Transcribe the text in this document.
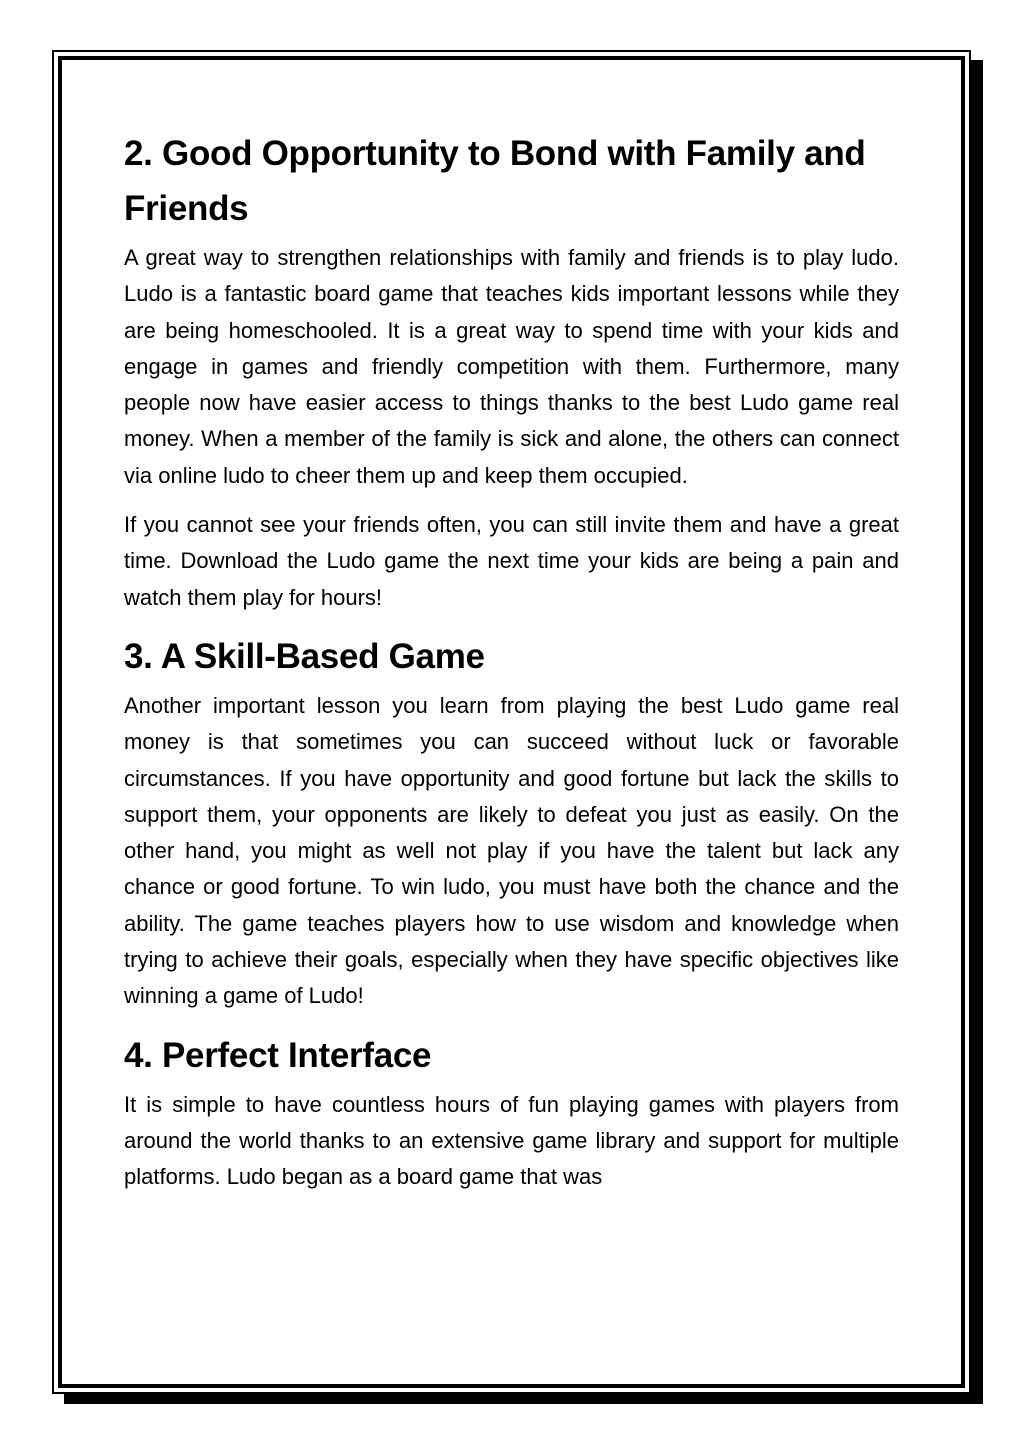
2. Good Opportunity to Bond with Family and Friends

A great way to strengthen relationships with family and friends is to play ludo. Ludo is a fantastic board game that teaches kids important lessons while they are being homeschooled. It is a great way to spend time with your kids and engage in games and friendly competition with them. Furthermore, many people now have easier access to things thanks to the best Ludo game real money. When a member of the family is sick and alone, the others can connect via online ludo to cheer them up and keep them occupied.

If you cannot see your friends often, you can still invite them and have a great time. Download the Ludo game the next time your kids are being a pain and watch them play for hours!

3. A Skill-Based Game

Another important lesson you learn from playing the best Ludo game real money is that sometimes you can succeed without luck or favorable circumstances. If you have opportunity and good fortune but lack the skills to support them, your opponents are likely to defeat you just as easily. On the other hand, you might as well not play if you have the talent but lack any chance or good fortune. To win ludo, you must have both the chance and the ability. The game teaches players how to use wisdom and knowledge when trying to achieve their goals, especially when they have specific objectives like winning a game of Ludo!

4. Perfect Interface

It is simple to have countless hours of fun playing games with players from around the world thanks to an extensive game library and support for multiple platforms. Ludo began as a board game that was
